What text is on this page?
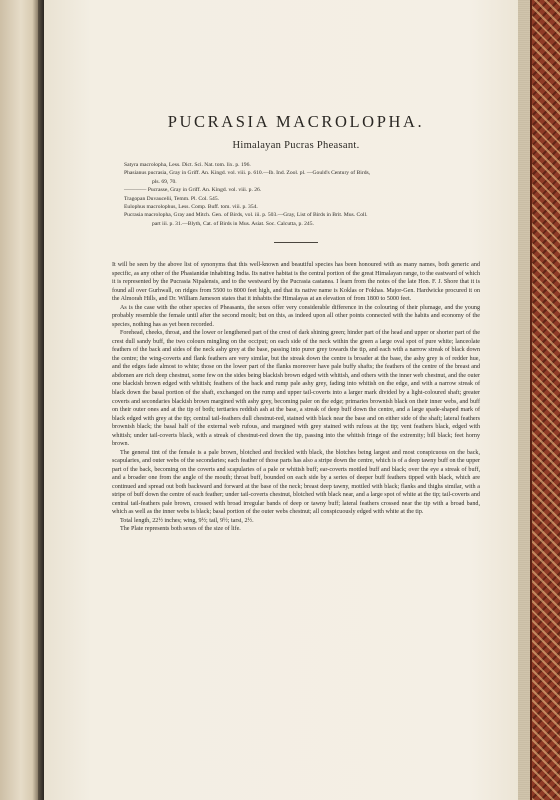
PUCRASIA MACROLOPHA.
Himalayan Pucras Pheasant.
Satyra macrolopha, Less. Dict. Sci. Nat. tom. lix. p. 196.
Phasianus pucrasia, Gray in Griff. An. Kingd. vol. viii. p. 610.—Ib. Ind. Zool. pl. —Gould's Century of Birds,
pls. 69, 70.
———— Pucrasse, Gray in Griff. An. Kingd. vol. viii. p. 26.
Tragopan Duvaucelii, Temm. Pl. Col. 545.
Eulophus macrolophus, Less. Comp. Buff. tom. viii. p. 354.
Pucrasia macrolopha, Gray and Mitch. Gen. of Birds, vol. iii. p. 503.—Gray, List of Birds in Brit. Mus. Coll.
part iii. p. 31.—Blyth, Cat. of Birds in Mus. Asiat. Soc. Calcutta, p. 245.

It will be seen by the above list of synonyms that this well-known and beautiful species has been honoured with as many names, both generic and specific, as any other of the Phasianidæ inhabiting India. Its native habitat is the central portion of the great Himalayan range, to the eastward of which it is represented by the Pucrasia Nipalensis, and to the westward by the Pucrasia castanea. I learn from the notes of the late Hon. F. J. Shore that it is found all over Gurhwall, on ridges from 5500 to 8000 feet high, and that its native name is Koklas or Fokhas. Major-Gen. Hardwicke procured it on the Almorah Hills, and Dr. William Jameson states that it inhabits the Himalayas at an elevation of from 1800 to 5000 feet.

As is the case with the other species of Pheasants, the sexes offer very considerable difference in the colouring of their plumage, and the young probably resemble the female until after the second moult; but on this, as indeed upon all other points connected with the habits and economy of the species, nothing has as yet been recorded.

Forehead, cheeks, throat, and the lower or lengthened part of the crest of dark shining green; hinder part of the head and upper or shorter part of the crest dull sandy buff, the two colours mingling on the occiput; on each side of the neck within the green a large oval spot of pure white; lanceolate feathers of the back and sides of the neck ashy grey at the base, passing into purer grey towards the tip, and each with a narrow streak of black down the centre; the wing-coverts and flank feathers are very similar, but the streak down the centre is broader at the base, the ashy grey is of redder hue, and the edges fade almost to white; those on the lower part of the flanks moreover have pale buffy shafts; the feathers of the centre of the breast and abdomen are rich deep chestnut, some few on the sides being blackish brown edged with whitish, and others with the inner web chestnut, and the outer one blackish brown edged with whitish; feathers of the back and rump pale ashy grey, fading into whitish on the edge, and with a narrow streak of black down the basal portion of the shaft, exchanged on the rump and upper tail-coverts into a larger mark divided by a light-coloured shaft; greater coverts and secondaries blackish brown margined with ashy grey, becoming paler on the edge; primaries brownish black on their inner webs, and buff on their outer ones and at the tip of both; tertiaries reddish ash at the base, a streak of deep buff down the centre, and a large spade-shaped mark of black edged with grey at the tip; central tail-feathers dull chestnut-red, stained with black near the base and on either side of the shaft; lateral feathers brownish black; the basal half of the external web rufous, and margined with grey stained with rufous at the tip; vent feathers black, edged with whitish; under tail-coverts black, with a streak of chestnut-red down the tip, passing into the whitish fringe of the extremity; bill black; feet horny brown.

The general tint of the female is a pale brown, blotched and freckled with black, the blotches being largest and most conspicuous on the back, scapularies, and outer webs of the secondaries; each feather of those parts has also a stripe down the centre, which is of a deep tawny buff on the upper part of the back, becoming on the coverts and scapularies of a pale or whitish buff; ear-coverts mottled buff and black; over the eye a streak of buff, and a broader one from the angle of the mouth; throat buff, bounded on each side by a series of deeper buff feathers tipped with black, which are continued and spread out both backward and forward at the base of the neck; breast deep tawny, mottled with black; flanks and thighs similar, with a stripe of buff down the centre of each feather; under tail-coverts chestnut, blotched with black near, and a large spot of white at the tip; tail-coverts and central tail-feathers pale brown, crossed with broad irregular bands of deep or tawny buff; lateral feathers crossed near the tip with a broad band, which as well as the inner webs is black; basal portion of the outer webs chestnut; all conspicuously edged with white at the tip.

Total length, 22½ inches; wing, 9½; tail, 9½; tarsi, 2½.

The Plate represents both sexes of the size of life.
